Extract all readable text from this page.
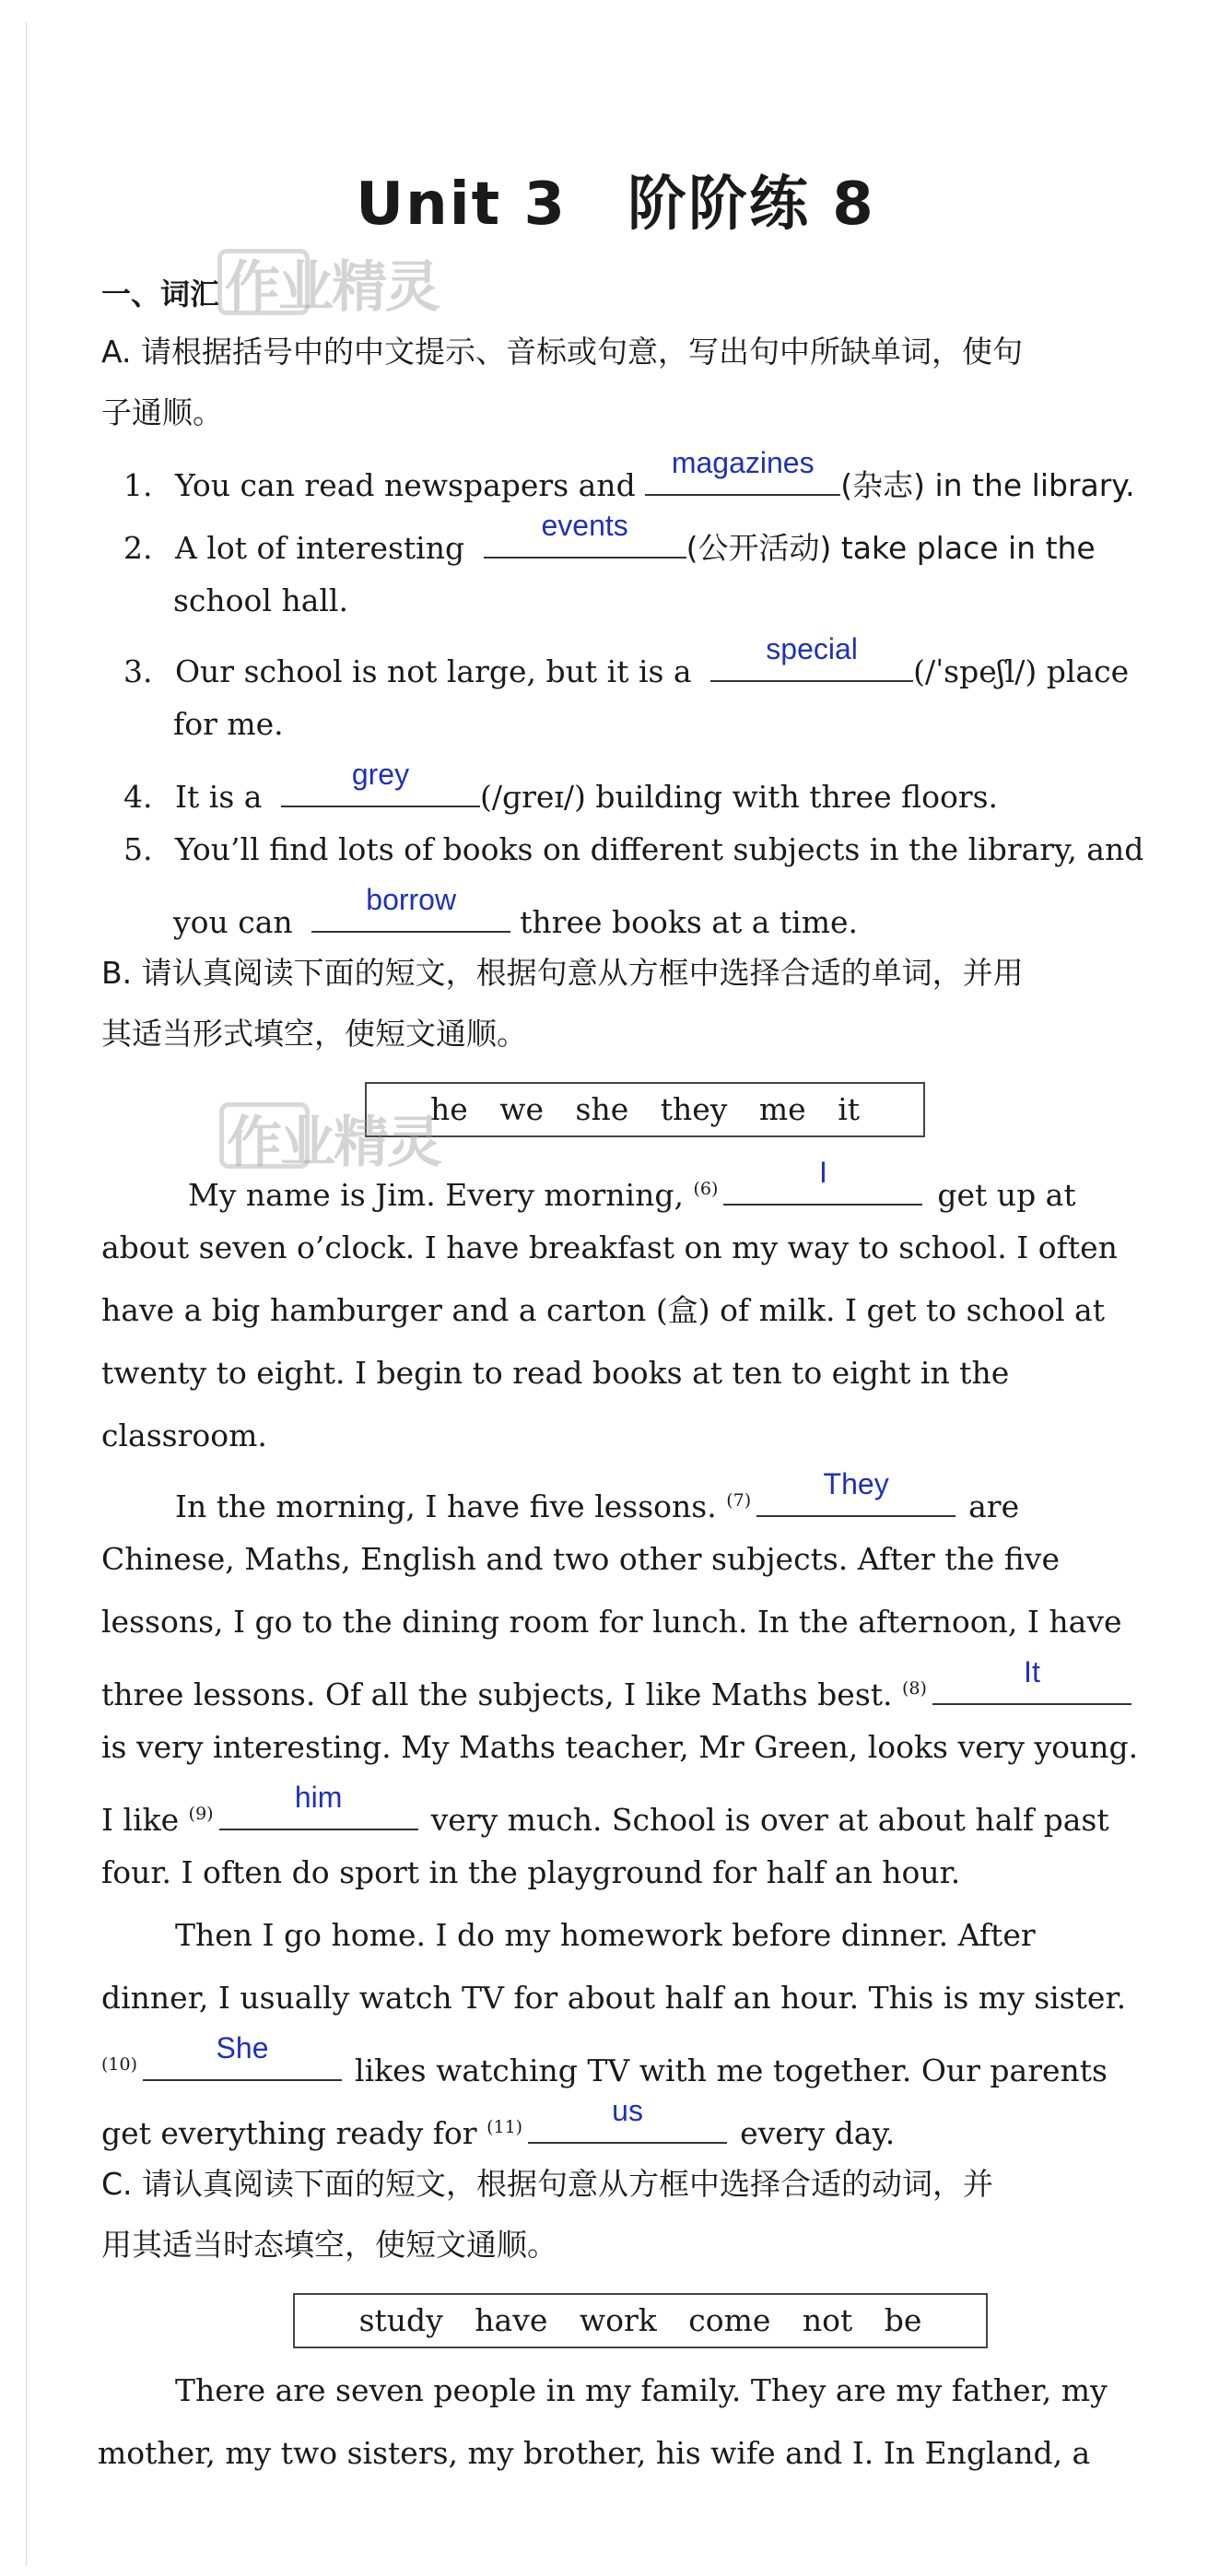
Unit 3　阶阶练 8
一、词汇 作业精灵
A. 请根据括号中的中文提示、音标或句意，写出句中所缺单词，使句
子通顺。
1. You can read newspapers and
magazines
(杂志) in the library.
2. A lot of interesting
events
(公开活动) take place in the
school hall.
3. Our school is not large, but it is a
special
(/ˈspeʃl/) place
for me.
4. It is a
grey
(/ɡreɪ/) building with three floors.
5. You’ll find lots of books on different subjects in the library, and
you can
borrow
three books at a time.
B. 请认真阅读下面的短文，根据句意从方框中选择合适的单词，并用
其适当形式填空，使短文通顺。
he we she they me it
作业精灵
My name is Jim. Every morning, $^{(6)}$	I
get up at
about seven o’clock. I have breakfast on my way to school. I often
have a big hamburger and a carton (盒) of milk. I get to school at
twenty to eight. I begin to read books at ten to eight in the
classroom.
In the morning, I have five lessons. $^{(7)}$	They
are
Chinese, Maths, English and two other subjects. After the five
lessons, I go to the dining room for lunch. In the afternoon, I have
three lessons. Of all the subjects, I like Maths best. $^{(8)}$	It
is very interesting. My Maths teacher, Mr Green, looks very young.
I like $^{(9)}$	him
very much. School is over at about half past
four. I often do sport in the playground for half an hour.
Then I go home. I do my homework before dinner. After
dinner, I usually watch TV for about half an hour. This is my sister.
$^{(10)}$	She
likes watching TV with me together. Our parents
get everything ready for $^{(11)}$	us
every day.
C. 请认真阅读下面的短文，根据句意从方框中选择合适的动词，并
用其适当时态填空，使短文通顺。
study have work come not be
There are seven people in my family. They are my father, my
mother, my two sisters, my brother, his wife and I. In England, a
